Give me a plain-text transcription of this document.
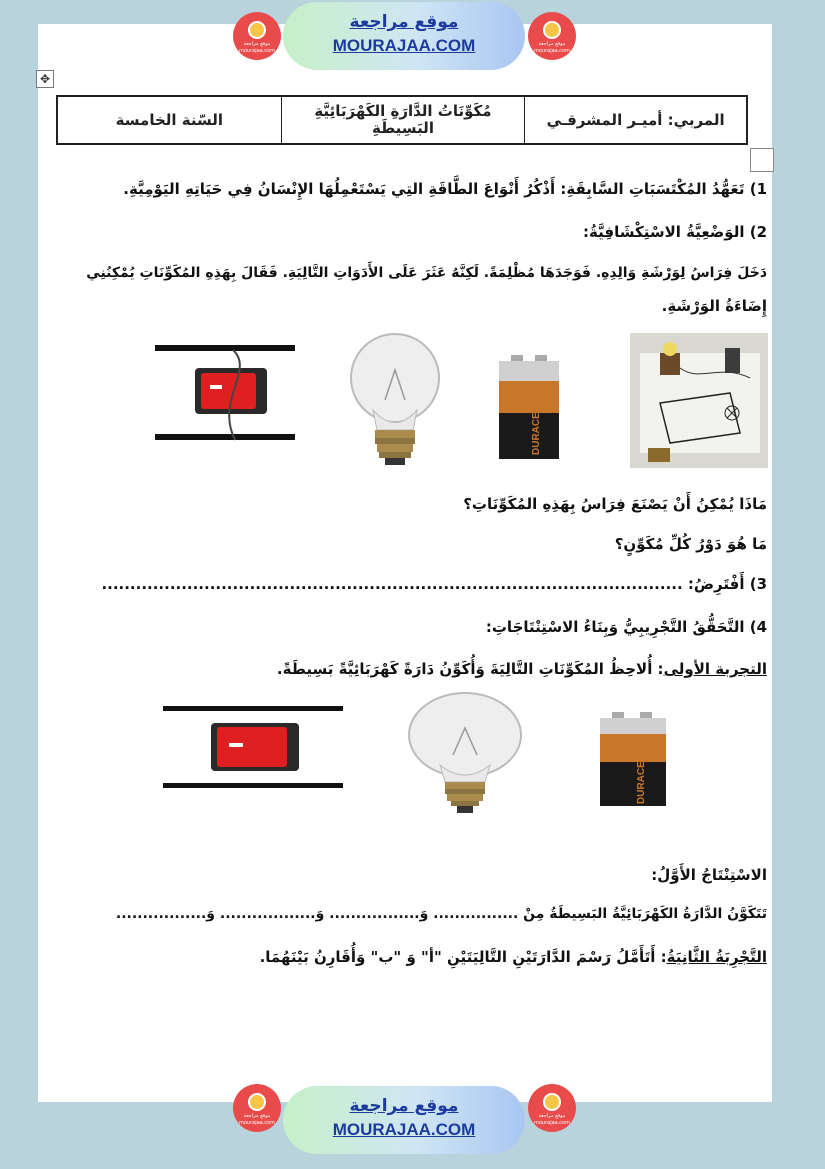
موقع مراجعة
mourajaa.com
موقع مراجعة
MOURAJAA.COM	موقع مراجعة
mourajaa.com
✥
المربي: أميـر المشرقـي
مُكَوِّنَاتُ الدَّارَةِ الكَهْرَبَائِيَّةِ البَسِيطَةِ
السّنة الخامسة
1) تَعَهُّدُ المُكْتَسَبَاتِ السَّابِقَةِ: أَذْكُرُ أَنْوَاعَ الطَّاقَةِ التِي يَسْتَعْمِلُهَا الإِنْسَانُ فِي حَيَاتِهِ اليَوْمِيَّةِ.
2) الوَضْعِيَّةُ الاسْتِكْشَافِيَّةُ:
دَخَلَ فِرَاسُ لِوَرْشَةِ وَالِدِهِ. فَوَجَدَهَا مُظْلِمَةً. لَكِنَّهُ عَثَرَ عَلَى الأَدَوَاتِ التَّالِيَةِ. فَقَالَ بِهَذِهِ المُكَوِّنَاتِ يُمْكِنُنِي
إِضَاءَةُ الوَرْشَةِ.
DURACELL
مَاذَا يُمْكِنُ أَنْ يَصْنَعَ فِرَاسُ بِهَذِهِ المُكَوِّنَاتِ؟
مَا هُوَ دَوْرُ كُلِّ مُكَوِّنٍ؟
3) أَفْتَرِضُ: ......................................................................................................
4) التَّحَقُّقُ التَّجْرِيبِيُّ وَبِنَاءُ الاسْتِنْتَاجَاتِ:
التجربة الأولى: أُلاحِظُ المُكَوِّنَاتِ التَّالِيَةَ وَأُكَوِّنُ دَارَةً كَهْرَبَائِيَّةً بَسِيطَةً.
DURACELL
الاسْتِنْتَاجُ الأَوَّلُ:
تَتَكَوَّنُ الدَّارَةُ الكَهْرَبَائِيَّةُ البَسِيطَةُ مِنْ ................ وَ................. وَ.................. وَ.................
التَّجْرِبَةُ الثَّانِيَةُ: أَتَأَمَّلُ رَسْمَ الدَّارَتَيْنِ التَّالِيَتَيْنِ "أ" وَ "ب" وَأُقَارِنُ بَيْنَهُمَا.
موقع مراجعة
mourajaa.com
موقع مراجعة
MOURAJAA.COM
موقع مراجعة
mourajaa.com
